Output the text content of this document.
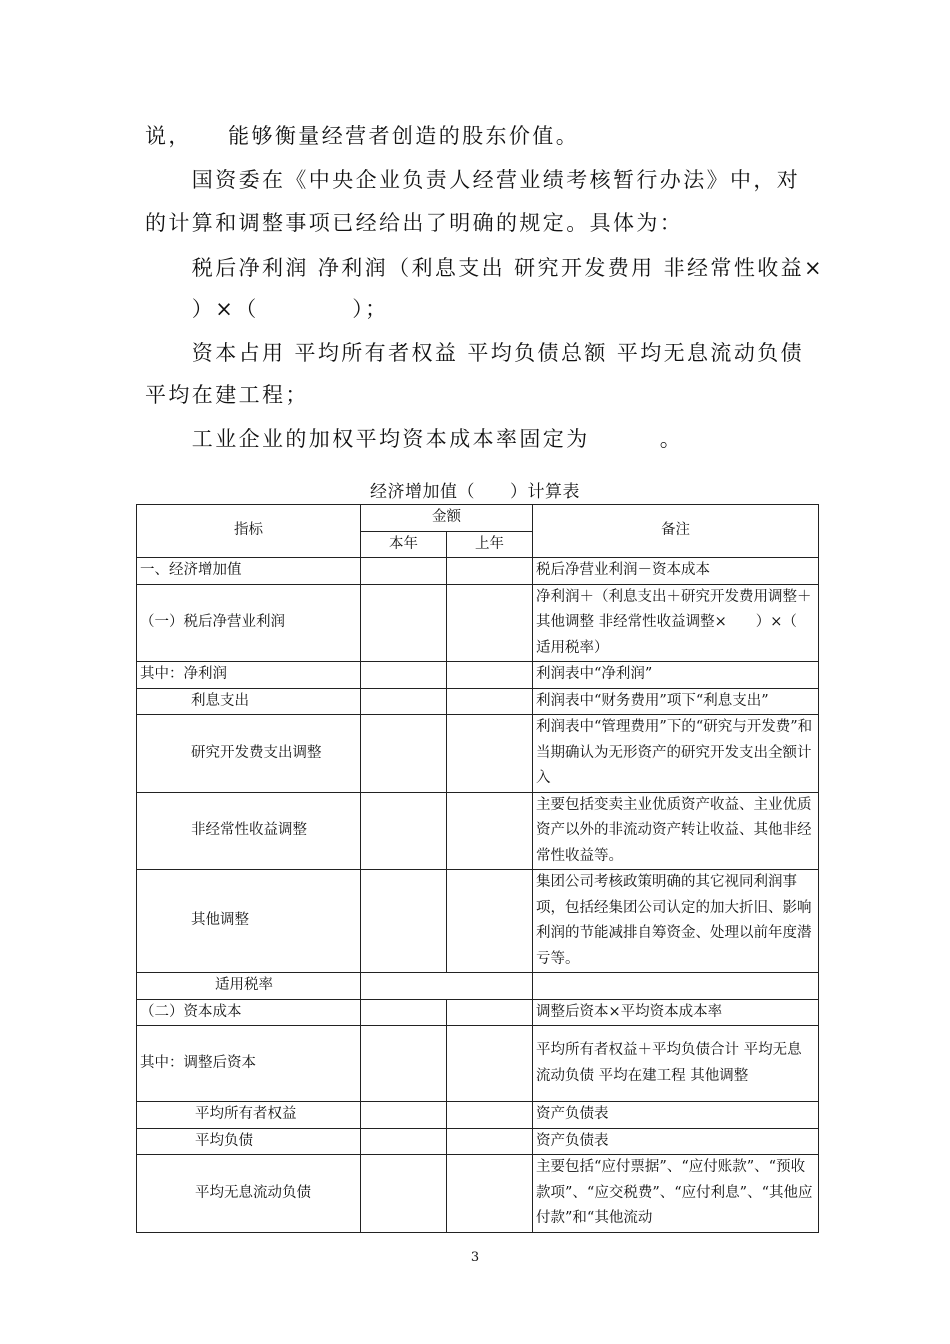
说，　　能够衡量经营者创造的股东价值。
　　国资委在《中央企业负责人经营业绩考核暂行办法》中，对
的计算和调整事项已经给出了明确的规定。具体为：
　　税后净利润 净利润（利息支出 研究开发费用 非经常性收益×
　　）×（　　　　）；
　　资本占用 平均所有者权益 平均负债总额 平均无息流动负债
平均在建工程；
　　工业企业的加权平均资本成本率固定为　　　。
经济增加值（　　）计算表
指标	金额		备注
	本年	上年	
一、经济增加值			税后净营业利润－资本成本
（一）税后净营业利润			净利润＋（利息支出＋研究开发费用调整＋其他调整 非经常性收益调整×　　）×（　适用税率）
其中：净利润			利润表中“净利润”
利息支出			利润表中“财务费用”项下“利息支出”
研究开发费支出调整			利润表中“管理费用”下的“研究与开发费”和当期确认为无形资产的研究开发支出全额计入
非经常性收益调整			主要包括变卖主业优质资产收益、主业优质资产以外的非流动资产转让收益、其他非经常性收益等。
其他调整			集团公司考核政策明确的其它视同利润事项，包括经集团公司认定的加大折旧、影响利润的节能减排自筹资金、处理以前年度潜亏等。
适用税率			
（二）资本成本			调整后资本×平均资本成本率
其中：调整后资本			平均所有者权益＋平均负债合计 平均无息流动负债 平均在建工程 其他调整
平均所有者权益			资产负债表
平均负债			资产负债表
平均无息流动负债			主要包括“应付票据”、“应付账款”、“预收款项”、“应交税费”、“应付利息”、“其他应付款”和“其他流动
3
